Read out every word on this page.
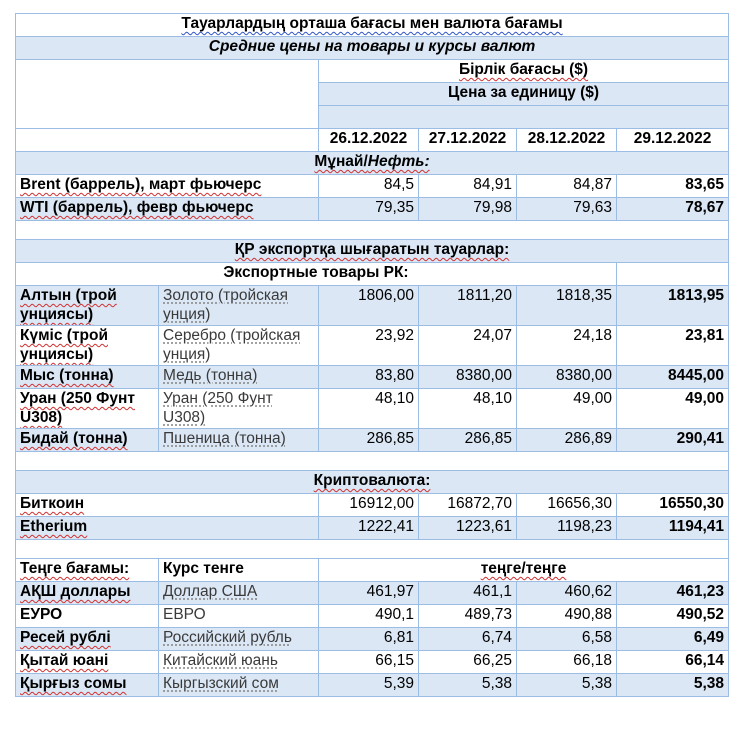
Тауарлардың орташа бағасы мен валюта бағамы					
Средние цены на товары и курсы валют					
		Бірлік бағасы ($)			
		Цена за единицу ($)			

		26.12.2022	27.12.2022	28.12.2022	29.12.2022
Мұнай/Нефть:					
Brent (баррель), март фьючерс		84,5	84,91	84,87	83,65
WTI (баррель), февр фьючерс		79,35	79,98	79,63	78,67

ҚР экспортқа шығаратын тауарлар:					
Экспортные товары РК:					
Алтын (трой унциясы)	Золото (тройская унция)	1806,00	1811,20	1818,35	1813,95
Күміс (трой унциясы)	Серебро (тройская унция)	23,92	24,07	24,18	23,81
Мыс (тонна)	Медь (тонна)	83,80	8380,00	8380,00	8445,00
Уран (250 Фунт U308)	Уран (250 Фунт U308)	48,10	48,10	49,00	49,00
Бидай (тонна)	Пшеница (тонна)	286,85	286,85	286,89	290,41

Криптовалюта:					
Биткоин		16912,00	16872,70	16656,30	16550,30
Etherium		1222,41	1223,61	1198,23	1194,41

Теңге бағамы:	Курс тенге	теңге/теңге			
АҚШ доллары	Доллар США	461,97	461,1	460,62	461,23
ЕУРО	ЕВРО	490,1	489,73	490,88	490,52
Ресей рублі	Российский рубль	6,81	6,74	6,58	6,49
Қытай юані	Китайский юань	66,15	66,25	66,18	66,14
Қырғыз сомы	Кыргызский сом	5,39	5,38	5,38	5,38
